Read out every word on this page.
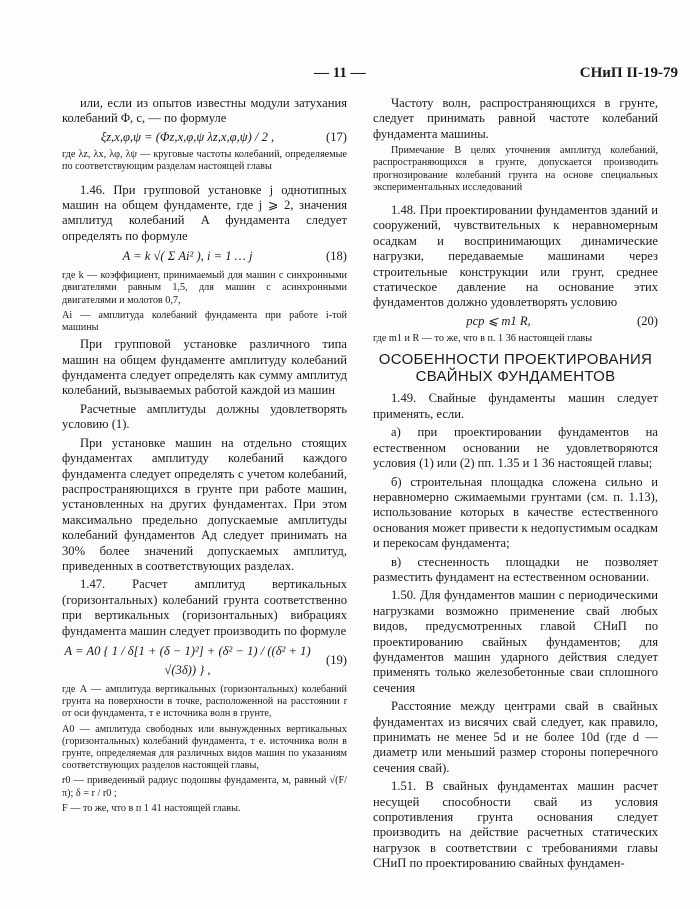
— 11 —	СНиП II-19-79

или, если из опытов известны модули затухания колебаний Φ, c, — по формуле

ξz,x,φ,ψ = (Φz,x,φ,ψ λz,x,φ,ψ) / 2 ,	(17)

где λz, λx, λφ, λψ — круговые частоты колебаний, определяемые по соответствующим разделам настоящей главы

1.46. При групповой установке j однотипных машин на общем фундаменте, где j ⩾ 2, значения амплитуд колебаний A фундамента следует определять по формуле

A = k √( Σ Ai² ), i = 1 … j	(18)

где k — коэффициент, принимаемый для машин с синхронными двигателями равным 1,5, для машин с асинхронными двигателями и молотов 0,7,

Ai — амплитуда колебаний фундамента при работе i-той машины

При групповой установке различного типа машин на общем фундаменте амплитуду колебаний фундамента следует определять как сумму амплитуд колебаний, вызываемых работой каждой из машин

Расчетные амплитуды должны удовлетворять условию (1).

При установке машин на отдельно стоящих фундаментах амплитуду колебаний каждого фундамента следует определять с учетом колебаний, распространяющихся в грунте при работе машин, установленных на других фундаментах. При этом максимально предельно допускаемые амплитуды колебаний фундаментов Aд следует принимать на 30% более значений допускаемых амплитуд, приведенных в соответствующих разделах.

1.47. Расчет амплитуд вертикальных (горизонтальных) колебаний грунта соответственно при вертикальных (горизонтальных) вибрациях фундамента машин следует производить по формуле

A = A0 { 1 / δ[1 + (δ − 1)²] + (δ² − 1) / ((δ² + 1) √(3δ)) } ,
(19)

где A — амплитуда вертикальных (горизонтальных) колебаний грунта на поверхности в точке, расположенной на расстоянии r от оси фундамента, т е источника волн в грунте,

A0 — амплитуда свободных или вынужденных вертикальных (горизонтальных) колебаний фундамента, т е. источника волн в грунте, определяемая для различных видов машин по указаниям соответствующих разделов настоящей главы,

r0 — приведенный радиус подошвы фундамента, м, равный √(F/π); δ = r / r0 ;

F — то же, что в п 1 41 настоящей главы.

Частоту волн, распространяющихся в грунте, следует принимать равной частоте колебаний фундамента машины.

Примечание В целях уточнения амплитуд колебаний, распространяющихся в грунте, допускается производить прогнозирование колебаний грунта на основе специальных экспериментальных исследований

1.48. При проектировании фундаментов зданий и сооружений, чувствительных к неравномерным осадкам и воспринимающих динамические нагрузки, передаваемые машинами через строительные конструкции или грунт, среднее статическое давление на основание этих фундаментов должно удовлетворять условию

pср ⩽ m1 R,	(20)

где m1 и R — то же, что в п. 1 36 настоящей главы

ОСОБЕННОСТИ ПРОЕКТИРОВАНИЯ СВАЙНЫХ ФУНДАМЕНТОВ

1.49. Свайные фундаменты машин следует применять, если.

а) при проектировании фундаментов на естественном основании не удовлетворяются условия (1) или (2) пп. 1.35 и 1 36 настоящей главы;

б) строительная площадка сложена сильно и неравномерно сжимаемыми грунтами (см. п. 1.13), использование которых в качестве естественного основания может привести к недопустимым осадкам и перекосам фундамента;

в) стесненность площадки не позволяет разместить фундамент на естественном основании.

1.50. Для фундаментов машин с периодическими нагрузками возможно применение свай любых видов, предусмотренных главой СНиП по проектированию свайных фундаментов; для фундаментов машин ударного действия следует применять только железобетонные сваи сплошного сечения

Расстояние между центрами свай в свайных фундаментах из висячих свай следует, как правило, принимать не менее 5d и не более 10d (где d — диаметр или меньший размер стороны поперечного сечения свай).

1.51. В свайных фундаментах машин расчет несущей способности свай из условия сопротивления грунта основания следует производить на действие расчетных статических нагрузок в соответствии с требованиями главы СНиП по проектированию свайных фундамен-
